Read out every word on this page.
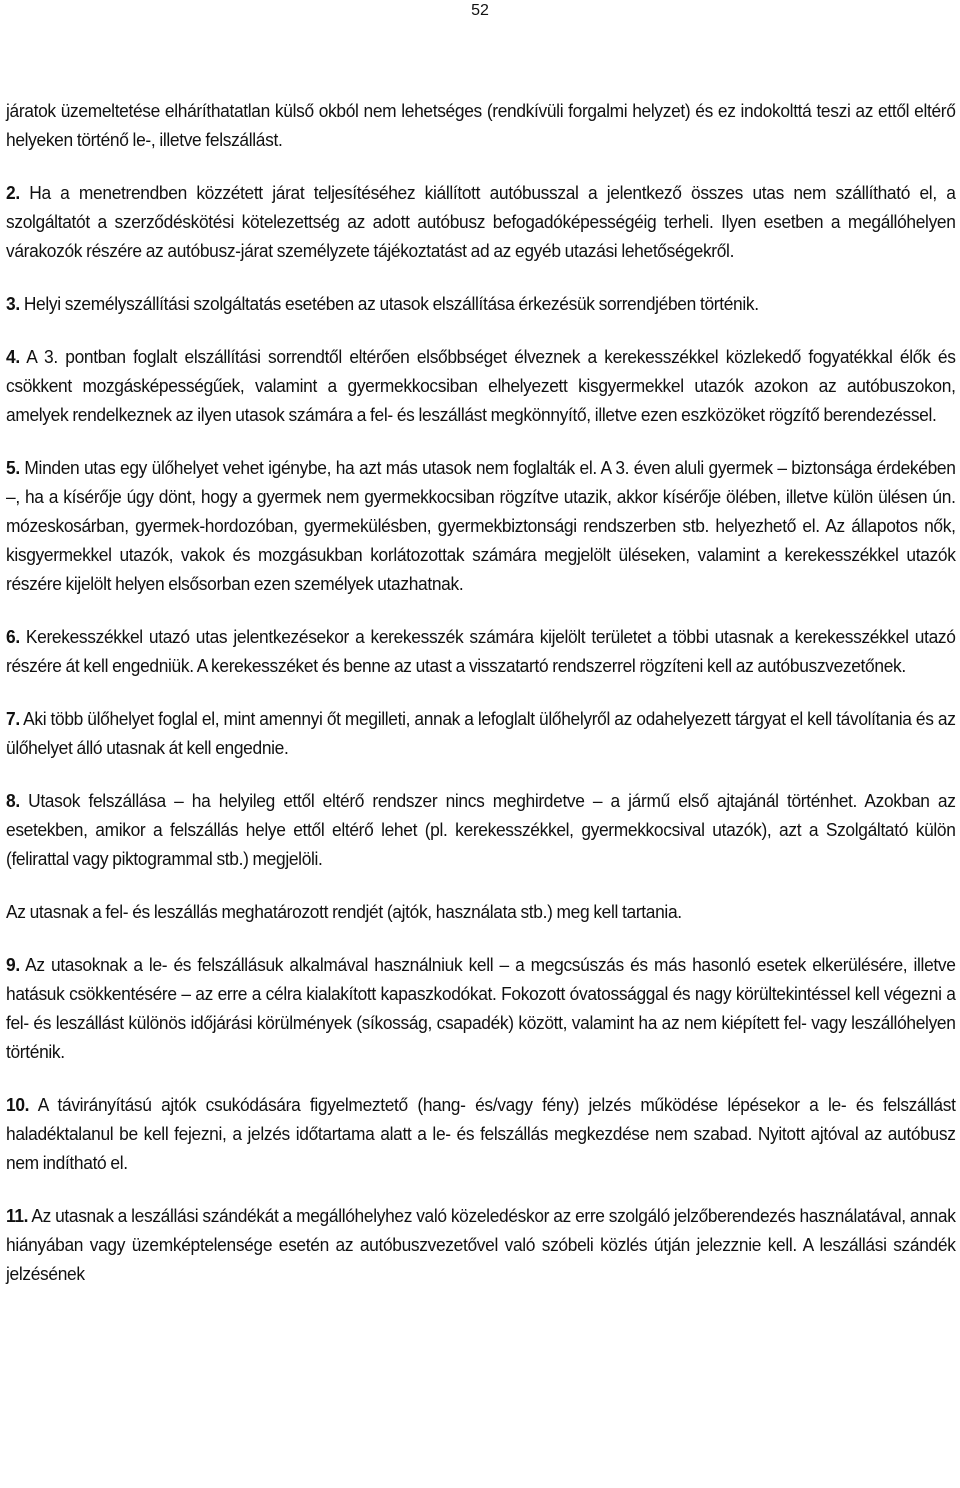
52

járatok üzemeltetése elháríthatatlan külső okból nem lehetséges (rendkívüli forgalmi helyzet) és ez indokolttá teszi az ettől eltérő helyeken történő le-, illetve felszállást.

2. Ha a menetrendben közzétett járat teljesítéséhez kiállított autóbusszal a jelentkező összes utas nem szállítható el, a szolgáltatót a szerződéskötési kötelezettség az adott autóbusz befogadóképességéig terheli. Ilyen esetben a megállóhelyen várakozók részére az autóbusz-járat személyzete tájékoztatást ad az egyéb utazási lehetőségekről.

3. Helyi személyszállítási szolgáltatás esetében az utasok elszállítása érkezésük sorrendjében történik.

4. A 3. pontban foglalt elszállítási sorrendtől eltérően elsőbbséget élveznek a kerekesszékkel közlekedő fogyatékkal élők és csökkent mozgásképességűek, valamint a gyermekkocsiban elhelyezett kisgyermekkel utazók azokon az autóbuszokon, amelyek rendelkeznek az ilyen utasok számára a fel- és leszállást megkönnyítő, illetve ezen eszközöket rögzítő berendezéssel.

5. Minden utas egy ülőhelyet vehet igénybe, ha azt más utasok nem foglalták el. A 3. éven aluli gyermek – biztonsága érdekében –, ha a kísérője úgy dönt, hogy a gyermek nem gyermekkocsiban rögzítve utazik, akkor kísérője ölében, illetve külön ülésen ún. mózeskosárban, gyermek-hordozóban, gyermekülésben, gyermekbiztonsági rendszerben stb. helyezhető el. Az állapotos nők, kisgyermekkel utazók, vakok és mozgásukban korlátozottak számára megjelölt üléseken, valamint a kerekesszékkel utazók részére kijelölt helyen elsősorban ezen személyek utazhatnak.

6. Kerekesszékkel utazó utas jelentkezésekor a kerekesszék számára kijelölt területet a többi utasnak a kerekesszékkel utazó részére át kell engedniük. A kerekesszéket és benne az utast a visszatartó rendszerrel rögzíteni kell az autóbuszvezetőnek.

7. Aki több ülőhelyet foglal el, mint amennyi őt megilleti, annak a lefoglalt ülőhelyről az odahelyezett tárgyat el kell távolítania és az ülőhelyet álló utasnak át kell engednie.

8. Utasok felszállása – ha helyileg ettől eltérő rendszer nincs meghirdetve – a jármű első ajtajánál történhet. Azokban az esetekben, amikor a felszállás helye ettől eltérő lehet (pl. kerekesszékkel, gyermekkocsival utazók), azt a Szolgáltató külön (felirattal vagy piktogrammal stb.) megjelöli.

Az utasnak a fel- és leszállás meghatározott rendjét (ajtók, használata stb.) meg kell tartania.

9. Az utasoknak a le- és felszállásuk alkalmával használniuk kell – a megcsúszás és más hasonló esetek elkerülésére, illetve hatásuk csökkentésére – az erre a célra kialakított kapaszkodókat. Fokozott óvatossággal és nagy körültekintéssel kell végezni a fel- és leszállást különös időjárási körülmények (síkosság, csapadék) között, valamint ha az nem kiépített fel- vagy leszállóhelyen történik.

10. A távirányítású ajtók csukódására figyelmeztető (hang- és/vagy fény) jelzés működése lépésekor a le- és felszállást haladéktalanul be kell fejezni, a jelzés időtartama alatt a le- és felszállás megkezdése nem szabad. Nyitott ajtóval az autóbusz nem indítható el.

11. Az utasnak a leszállási szándékát a megállóhelyhez való közeledéskor az erre szolgáló jelzőberendezés használatával, annak hiányában vagy üzemképtelensége esetén az autóbuszvezetővel való szóbeli közlés útján jelezznie kell. A leszállási szándék jelzésének
